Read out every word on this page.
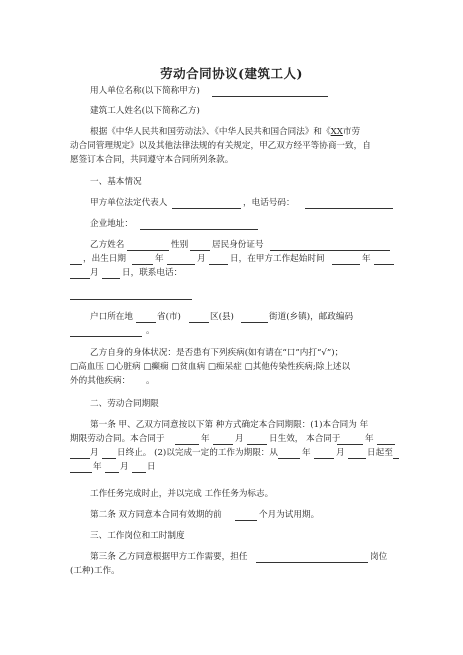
劳动合同协议(建筑工人)
用人单位名称(以下简称甲方)
建筑工人姓名(以下简称乙方)
根据《中华人民共和国劳动法》、《中华人民共和国合同法》和《XX市劳
动合同管理规定》以及其他法律法规的有关规定，甲乙双方经平等协商一致，自
愿签订本合同，共同遵守本合同所列条款。
一、基本情况
甲方单位法定代表人	，电话号码：
企业地址：
乙方姓名	性别	居民身份证号
，出生日期	年	月	日，在甲方工作起始时间	年
月	日，联系电话：
户口所在地	省(市)	区(县)	街道(乡镇)，邮政编码
。
乙方自身的身体状况：是否患有下列疾病(如有请在“口”内打“√”)；
□高血压 □心脏病 □癫痫 □贫血病 □痴呆症 □其他传染性疾病;除上述以
外的其他疾病： 。
二、劳动合同期限
第一条 甲、乙双方同意按以下第 种方式确定本合同期限：(1)本合同为 年
期限劳动合同。本合同于	年	月	日生效， 本合同于	年
月 日终止。 (2)以完成一定的工作为期限：从	年	月	日起至
年 月 日
工作任务完成时止，并以完成 工作任务为标志。
第二条 双方同意本合同有效期的前	个月为试用期。
三、工作岗位和工时制度
第三条 乙方同意根据甲方工作需要，担任	岗位
(工种)工作。
